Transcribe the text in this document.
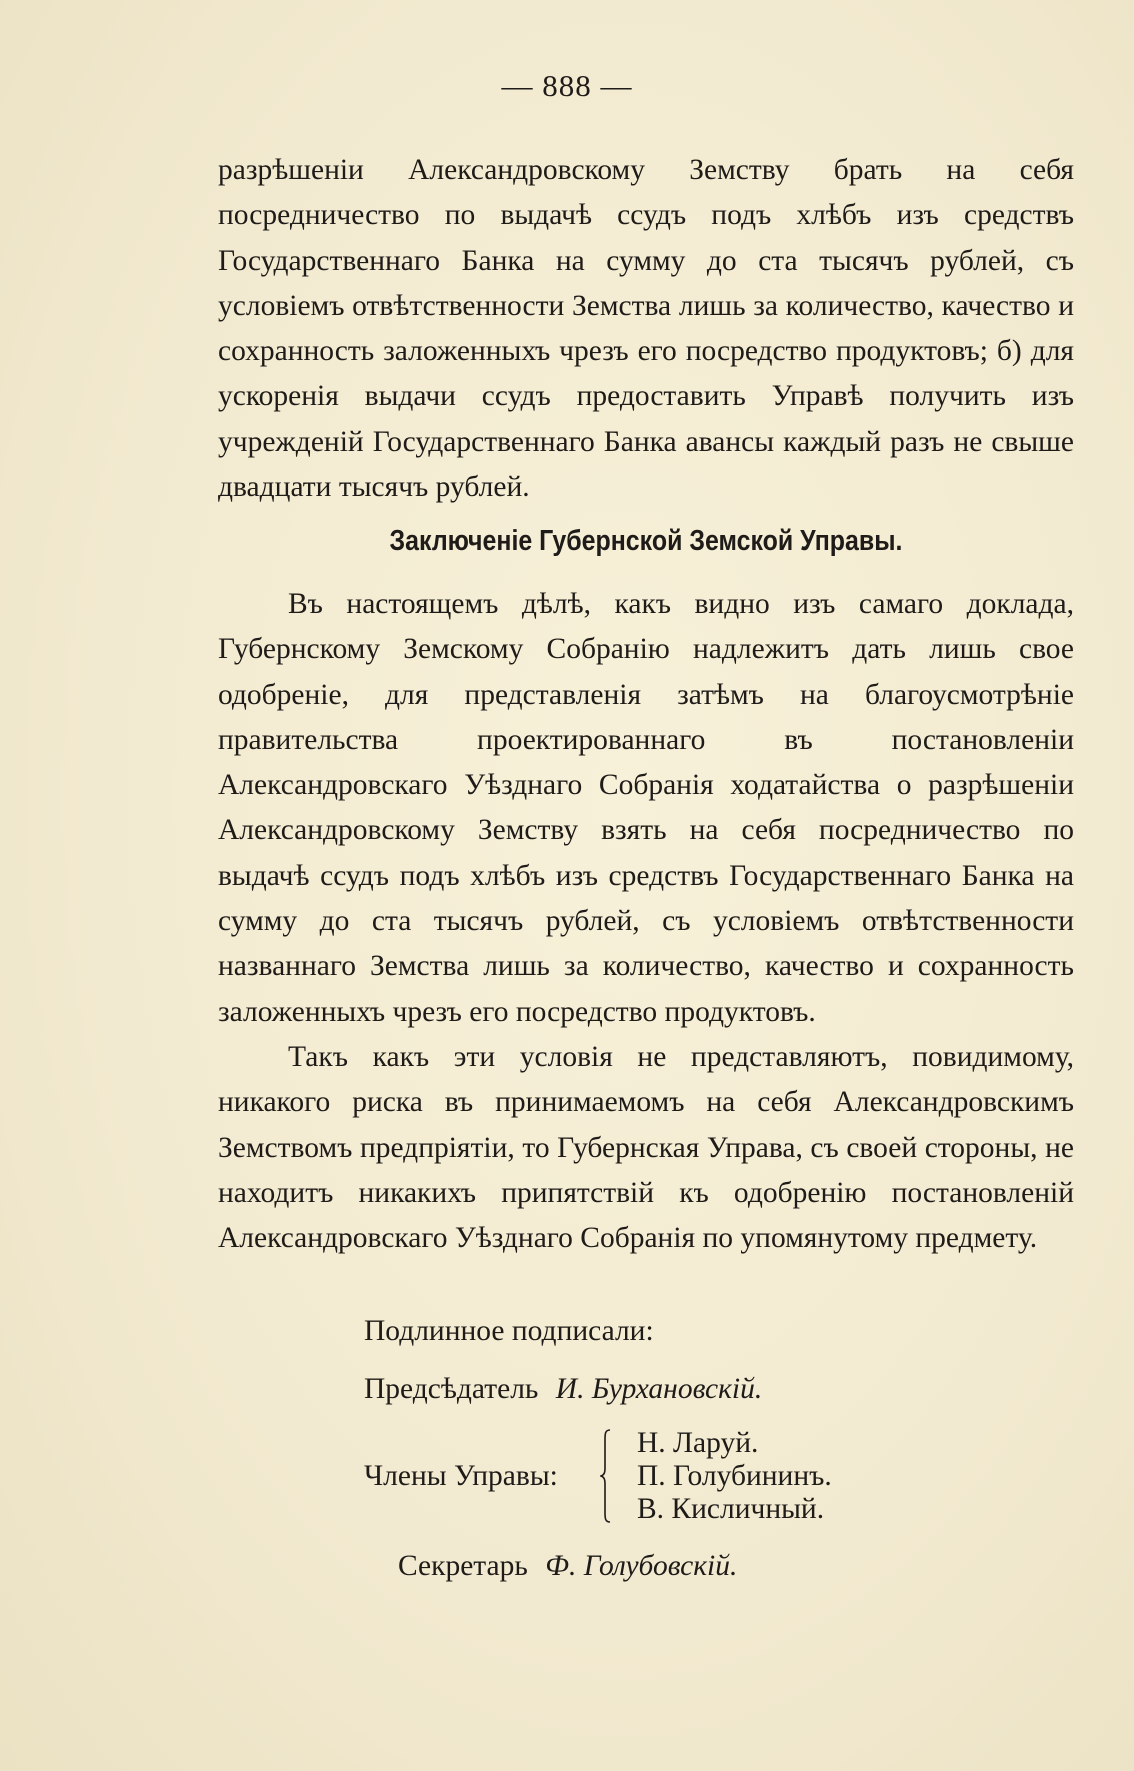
— 888 —

разрѣшеніи Александровскому Земству брать на себя посредничество по выдачѣ ссудъ подъ хлѣбъ изъ средствъ Государственнаго Банка на сумму до ста тысячъ рублей, съ условіемъ отвѣтственности Земства лишь за количество, качество и сохранность заложенныхъ чрезъ его посредство продуктовъ; б) для ускоренія выдачи ссудъ предоставить Управѣ получить изъ учрежденій Государственнаго Банка авансы каждый разъ не свыше двадцати тысячъ рублей.

Заключеніе Губернской Земской Управы.

Въ настоящемъ дѣлѣ, какъ видно изъ самаго доклада, Губернскому Земскому Собранію надлежитъ дать лишь свое одобреніе, для представленія затѣмъ на благоусмотрѣніе правительства проектированнаго въ постановленіи Александровскаго Уѣзднаго Собранія ходатайства о разрѣшеніи Александровскому Земству взять на себя посредничество по выдачѣ ссудъ подъ хлѣбъ изъ средствъ Государственнаго Банка на сумму до ста тысячъ рублей, съ условіемъ отвѣтственности названнаго Земства лишь за количество, качество и сохранность заложенныхъ чрезъ его посредство продуктовъ.

Такъ какъ эти условія не представляютъ, повидимому, никакого риска въ принимаемомъ на себя Александровскимъ Земствомъ предпріятіи, то Губернская Управа, съ своей стороны, не находитъ никакихъ припятствій къ одобренію постановленій Александровскаго Уѣзднаго Собранія по упомянутому предмету.

Подлинное подписали:
Предсѣдатель И. Бурхановскій.
Члены Управы:
Н. Ларуй.
П. Голубининъ.
В. Кисличный.
Секретарь Ф. Голубовскій.
